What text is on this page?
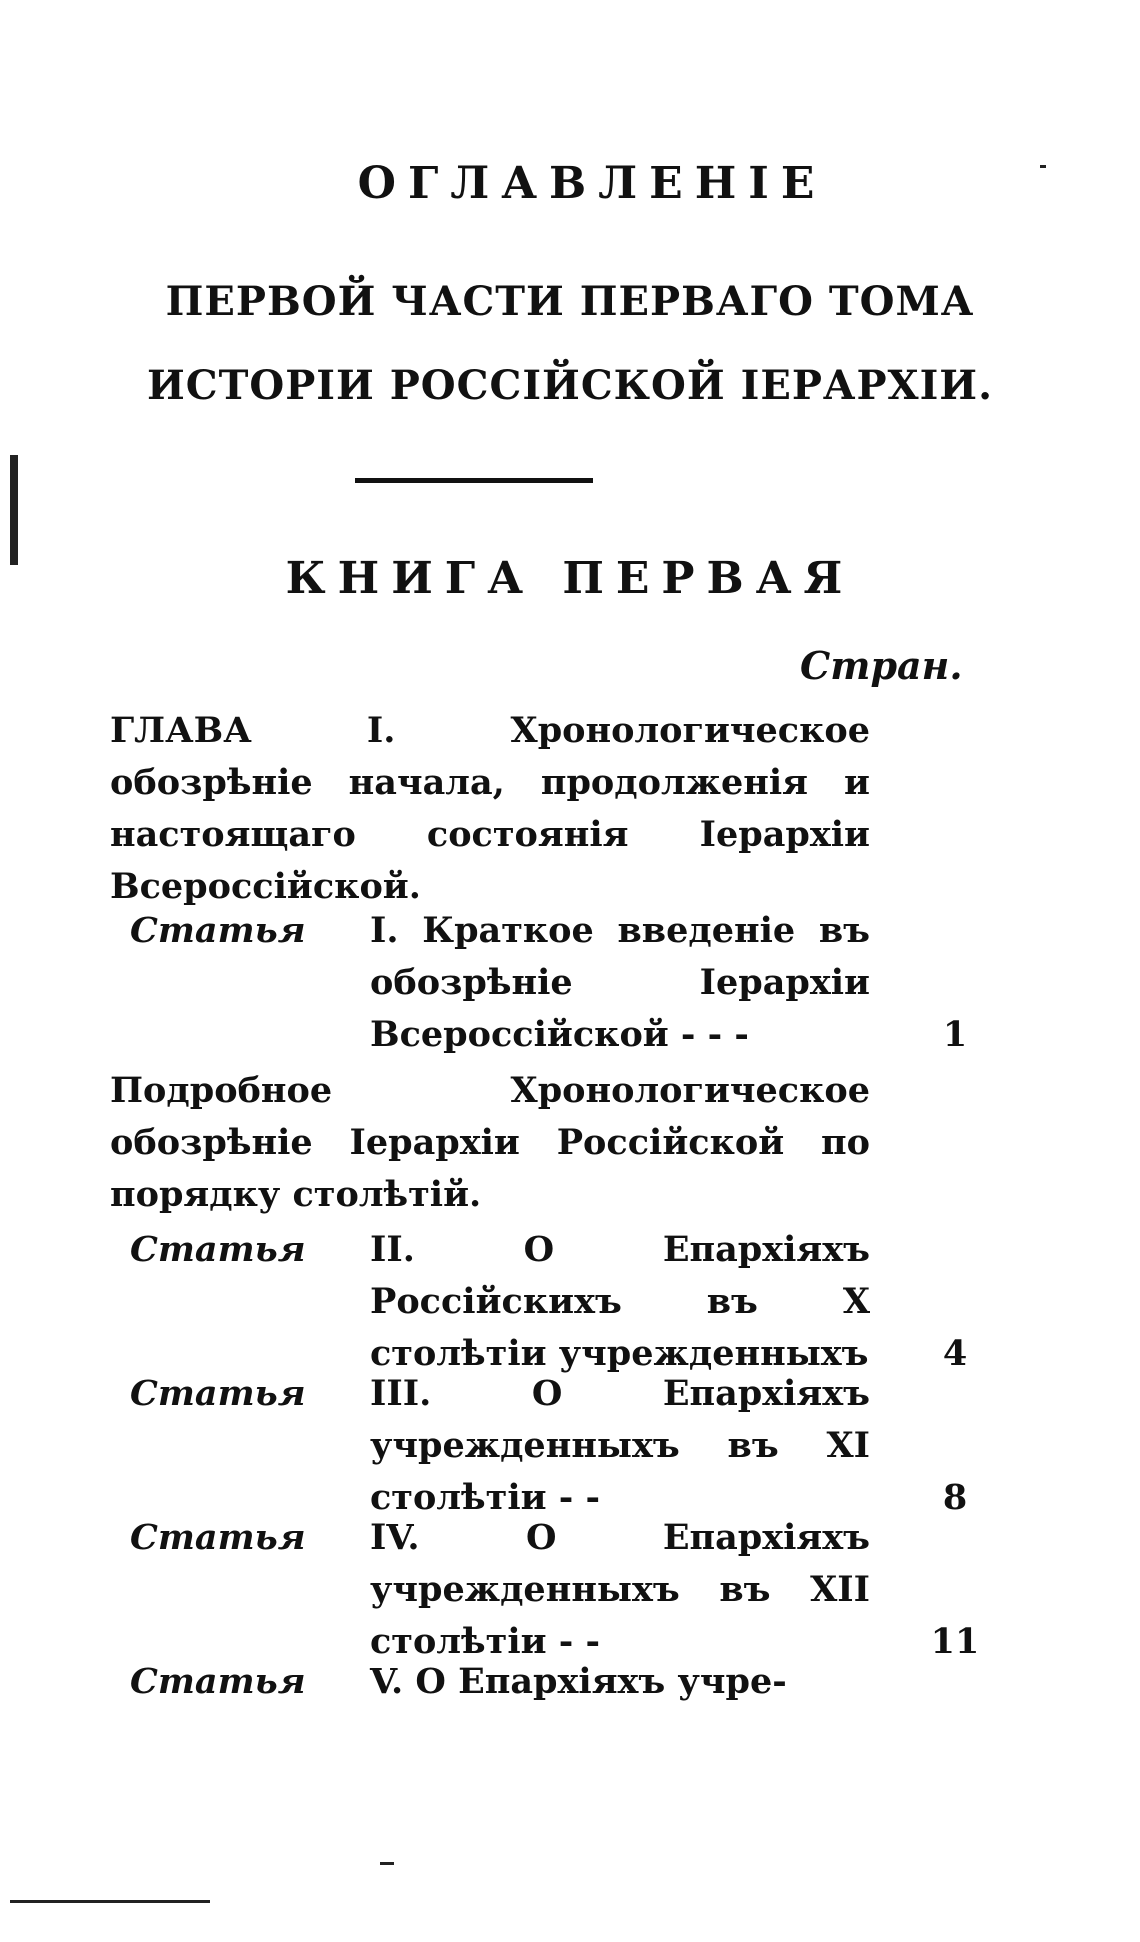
ОГЛАВЛЕНІЕ
ПЕРВОЙ ЧАСТИ ПЕРВАГО ТОМА
ИСТОРІИ РОССІЙСКОЙ ІЕРАРХІИ.
КНИГА ПЕРВАЯ
Стран.
ГЛАВА I. Хронологическое обозрѣніе начала, продолженія и настоящаго состоянія Іерархіи Всероссійской.
Статья I. Краткое введеніе въ обозрѣніе Іерархіи Всероссійской - - -	1
Подробное Хронологическое обозрѣніе Іерархіи Россійской по порядку столѣтій.
Статья II. О Епархіяхъ Россійскихъ въ X столѣтіи учрежденныхъ	4
Статья III. О Епархіяхъ учрежденныхъ въ XI столѣтіи - -	8
Статья IV. О Епархіяхъ учрежденныхъ въ XII столѣтіи - -	11
Статья V. О Епархіяхъ учре-
